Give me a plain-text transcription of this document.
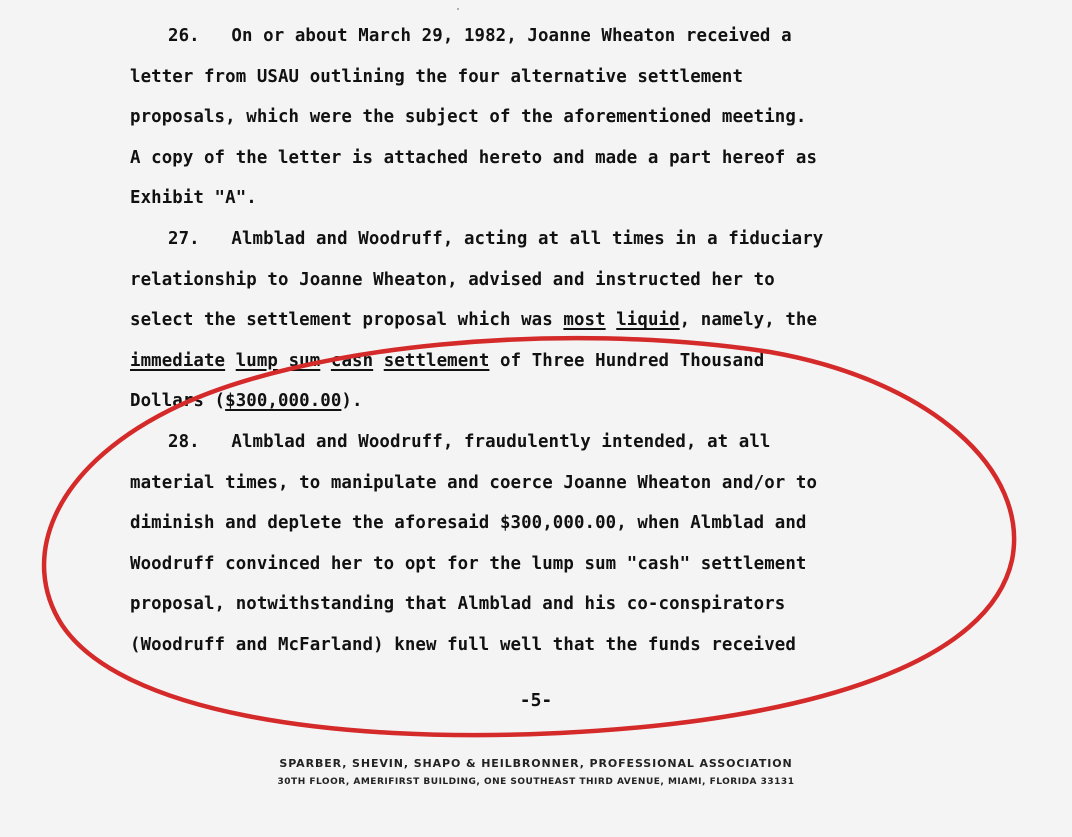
26.   On or about March 29, 1982, Joanne Wheaton received a
letter from USAU outlining the four alternative settlement
proposals, which were the subject of the aforementioned meeting.
A copy of the letter is attached hereto and made a part hereof as
Exhibit "A".
27.   Almblad and Woodruff, acting at all times in a fiduciary
relationship to Joanne Wheaton, advised and instructed her to
select the settlement proposal which was most liquid, namely, the
immediate lump sum cash settlement of Three Hundred Thousand
Dollars ($300,000.00).
28.   Almblad and Woodruff, fraudulently intended, at all
material times, to manipulate and coerce Joanne Wheaton and/or to
diminish and deplete the aforesaid $300,000.00, when Almblad and
Woodruff convinced her to opt for the lump sum "cash" settlement
proposal, notwithstanding that Almblad and his co-conspirators
(Woodruff and McFarland) knew full well that the funds received
-5-
SPARBER, SHEVIN, SHAPO & HEILBRONNER, PROFESSIONAL ASSOCIATION
30TH FLOOR, AMERIFIRST BUILDING, ONE SOUTHEAST THIRD AVENUE, MIAMI, FLORIDA 33131
